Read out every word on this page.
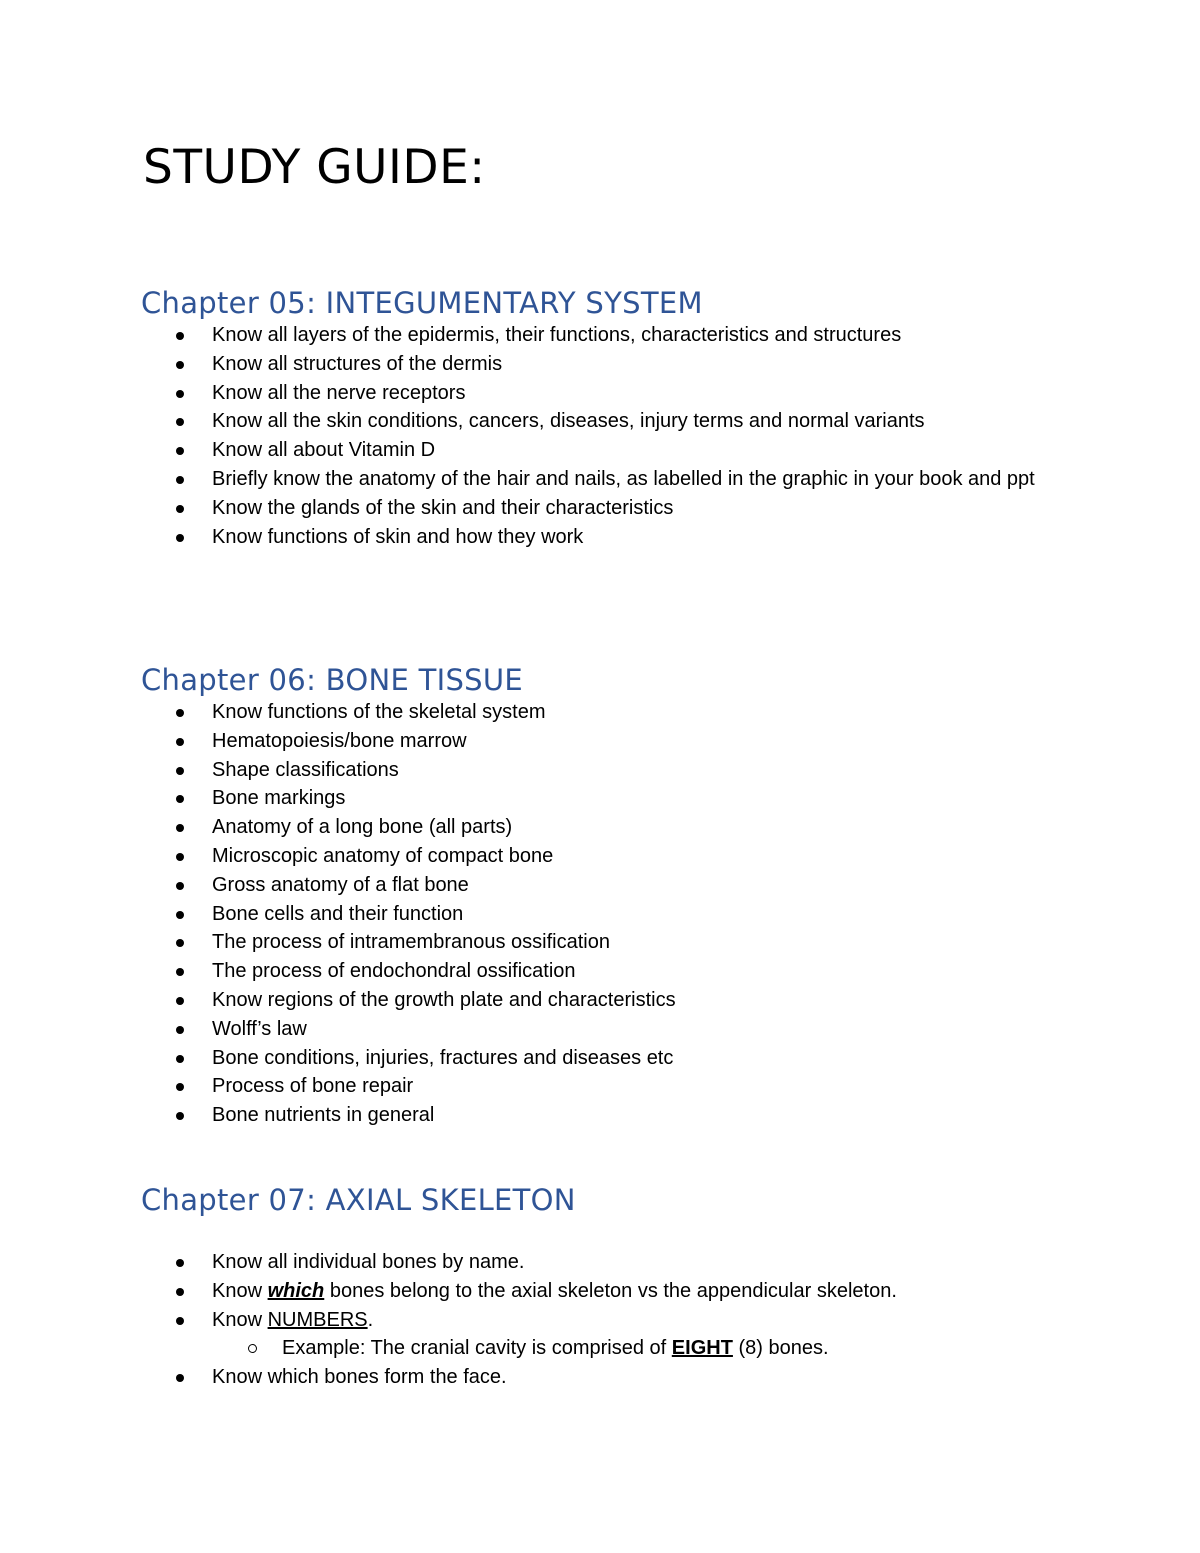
STUDY GUIDE:
Chapter 05: INTEGUMENTARY SYSTEM
Know all layers of the epidermis, their functions, characteristics and structures
Know all structures of the dermis
Know all the nerve receptors
Know all the skin conditions, cancers, diseases, injury terms and normal variants
Know all about Vitamin D
Briefly know the anatomy of the hair and nails, as labelled in the graphic in your book and ppt
Know the glands of the skin and their characteristics
Know functions of skin and how they work
Chapter 06: BONE TISSUE
Know functions of the skeletal system
Hematopoiesis/bone marrow
Shape classifications
Bone markings
Anatomy of a long bone (all parts)
Microscopic anatomy of compact bone
Gross anatomy of a flat bone
Bone cells and their function
The process of intramembranous ossification
The process of endochondral ossification
Know regions of the growth plate and characteristics
Wolff’s law
Bone conditions, injuries, fractures and diseases etc
Process of bone repair
Bone nutrients in general
Chapter 07: AXIAL SKELETON
Know all individual bones by name.
Know which bones belong to the axial skeleton vs the appendicular skeleton.
Know NUMBERS.
Example: The cranial cavity is comprised of EIGHT (8) bones.
Know which bones form the face.
